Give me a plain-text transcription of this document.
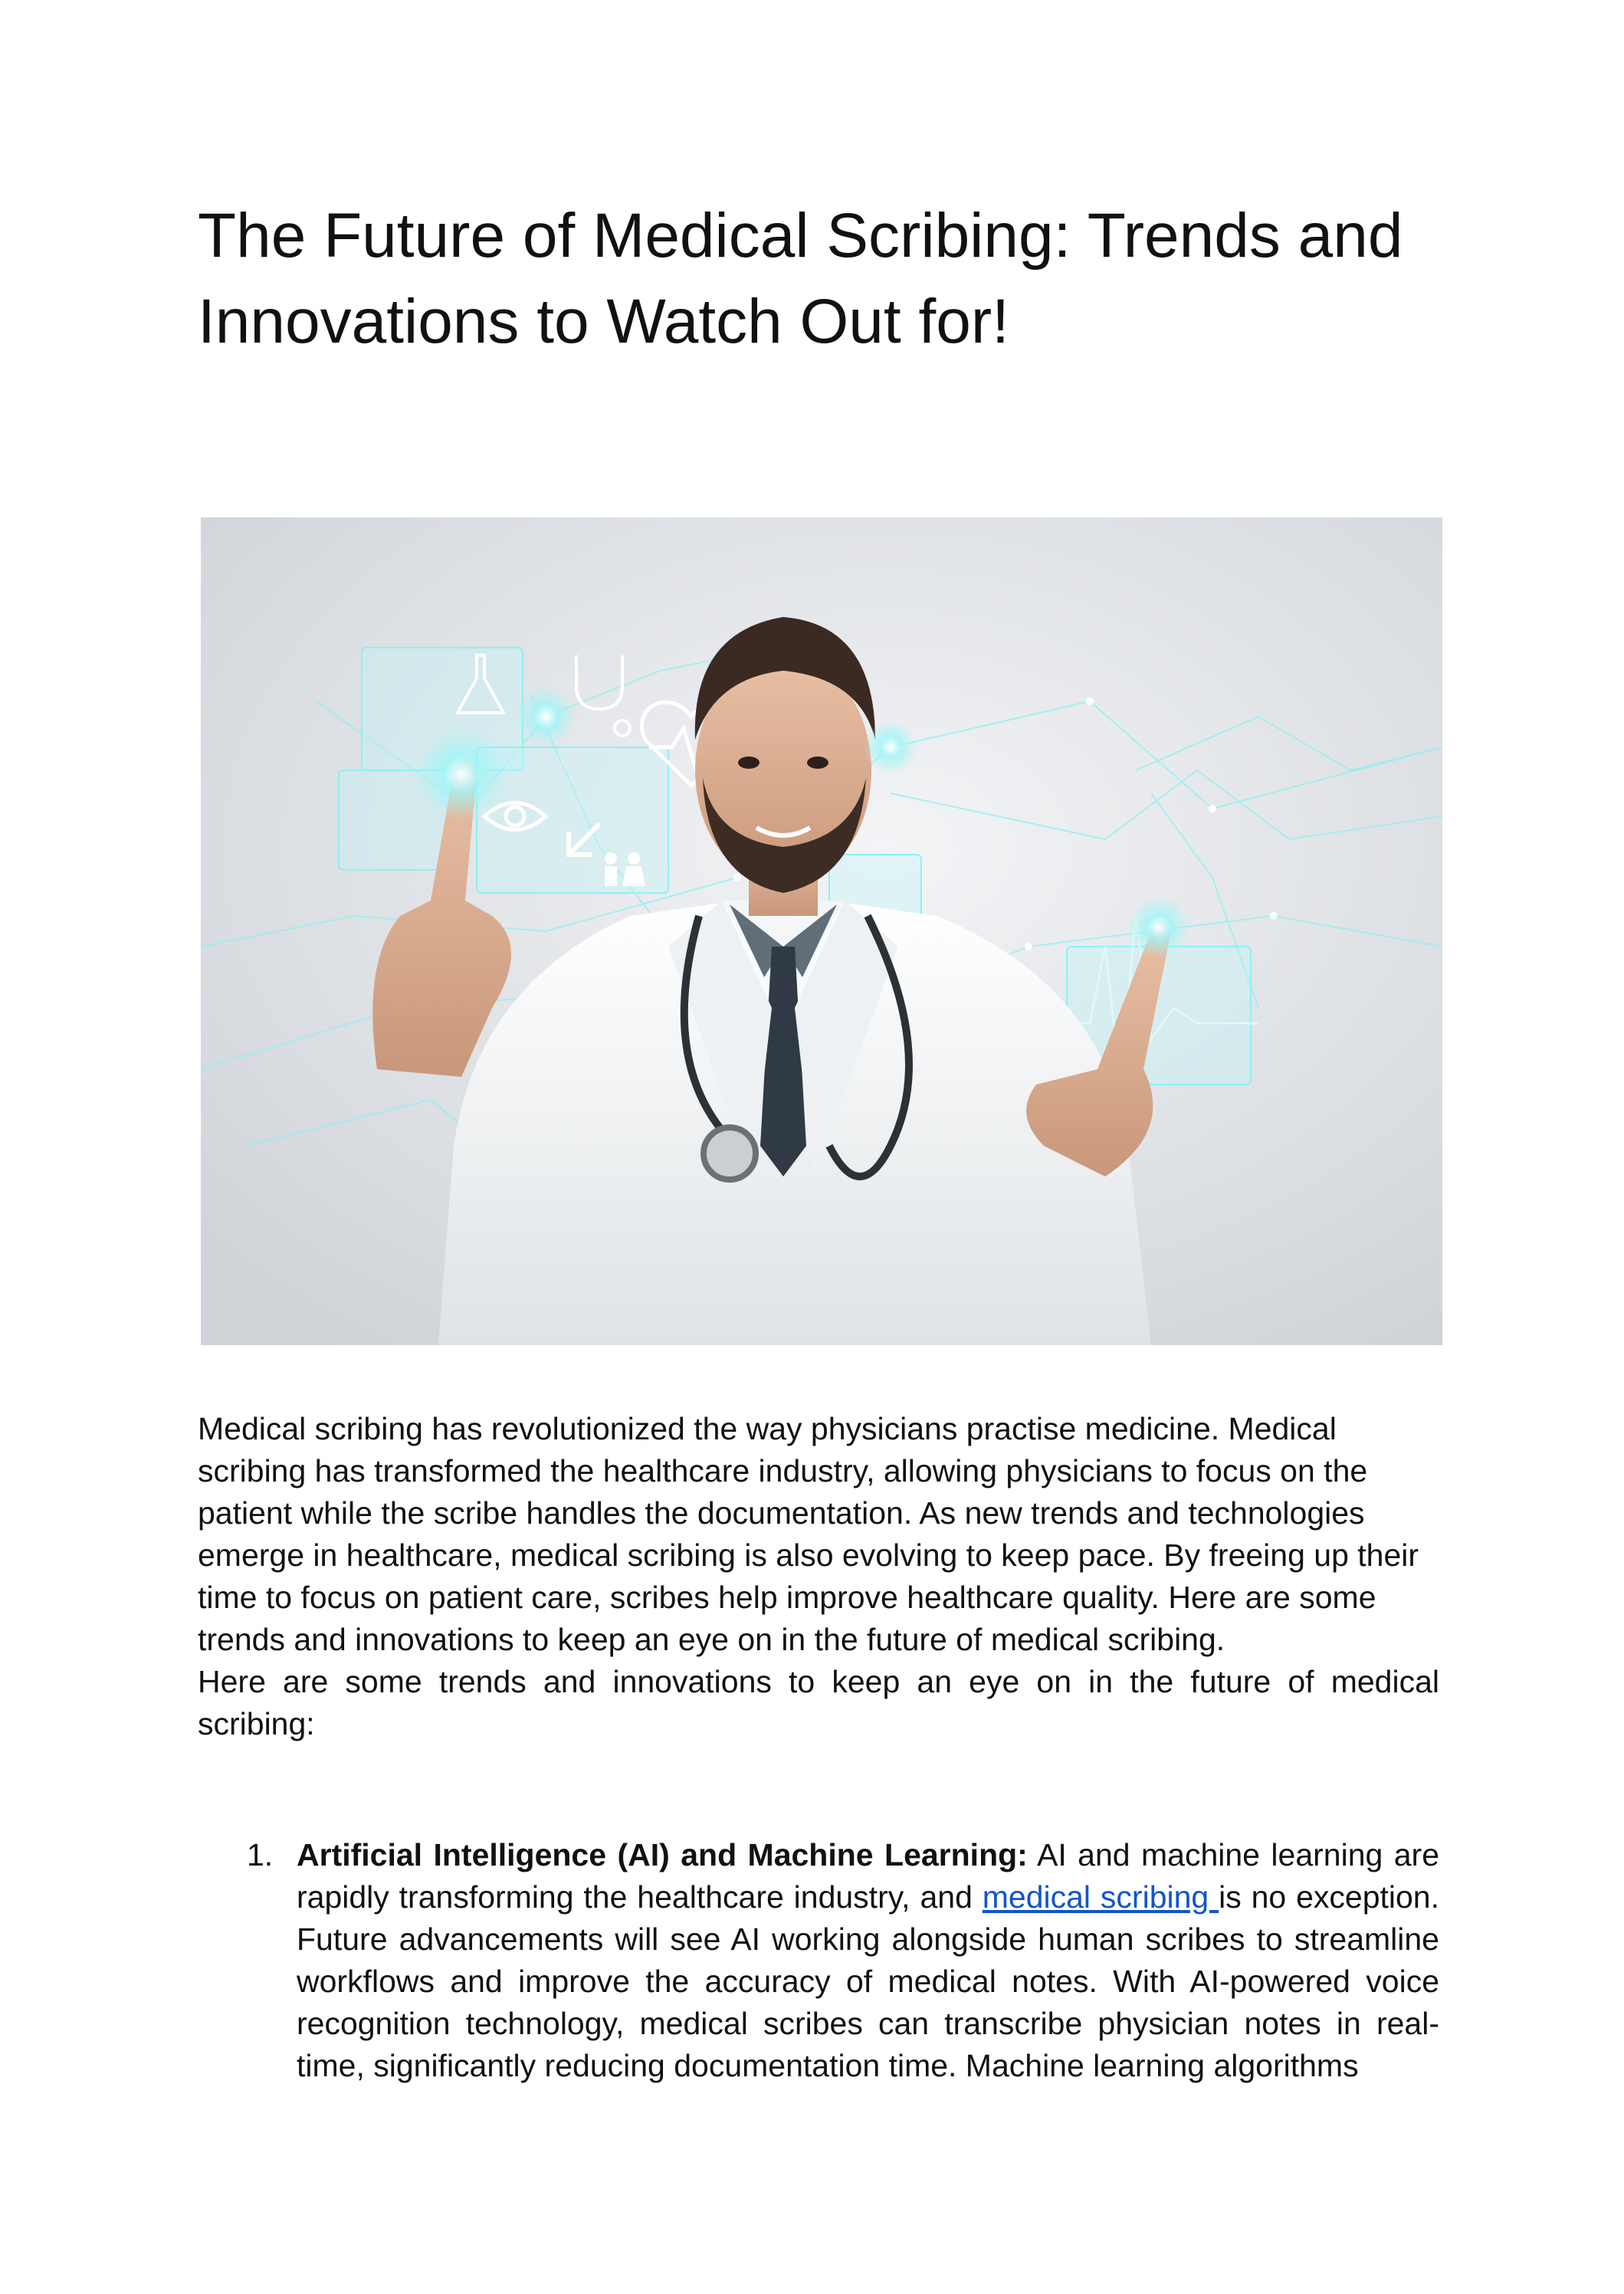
The Future of Medical Scribing: Trends and Innovations to Watch Out for!

Medical scribing has revolutionized the way physicians practise medicine. Medical scribing has transformed the healthcare industry, allowing physicians to focus on the patient while the scribe handles the documentation. As new trends and technologies emerge in healthcare, medical scribing is also evolving to keep pace. By freeing up their time to focus on patient care, scribes help improve healthcare quality. Here are some trends and innovations to keep an eye on in the future of medical scribing.

Here are some trends and innovations to keep an eye on in the future of medical scribing:

1. Artificial Intelligence (AI) and Machine Learning: AI and machine learning are rapidly transforming the healthcare industry, and medical scribing is no exception. Future advancements will see AI working alongside human scribes to streamline workflows and improve the accuracy of medical notes. With AI-powered voice recognition technology, medical scribes can transcribe physician notes in real-time, significantly reducing documentation time. Machine learning algorithms
